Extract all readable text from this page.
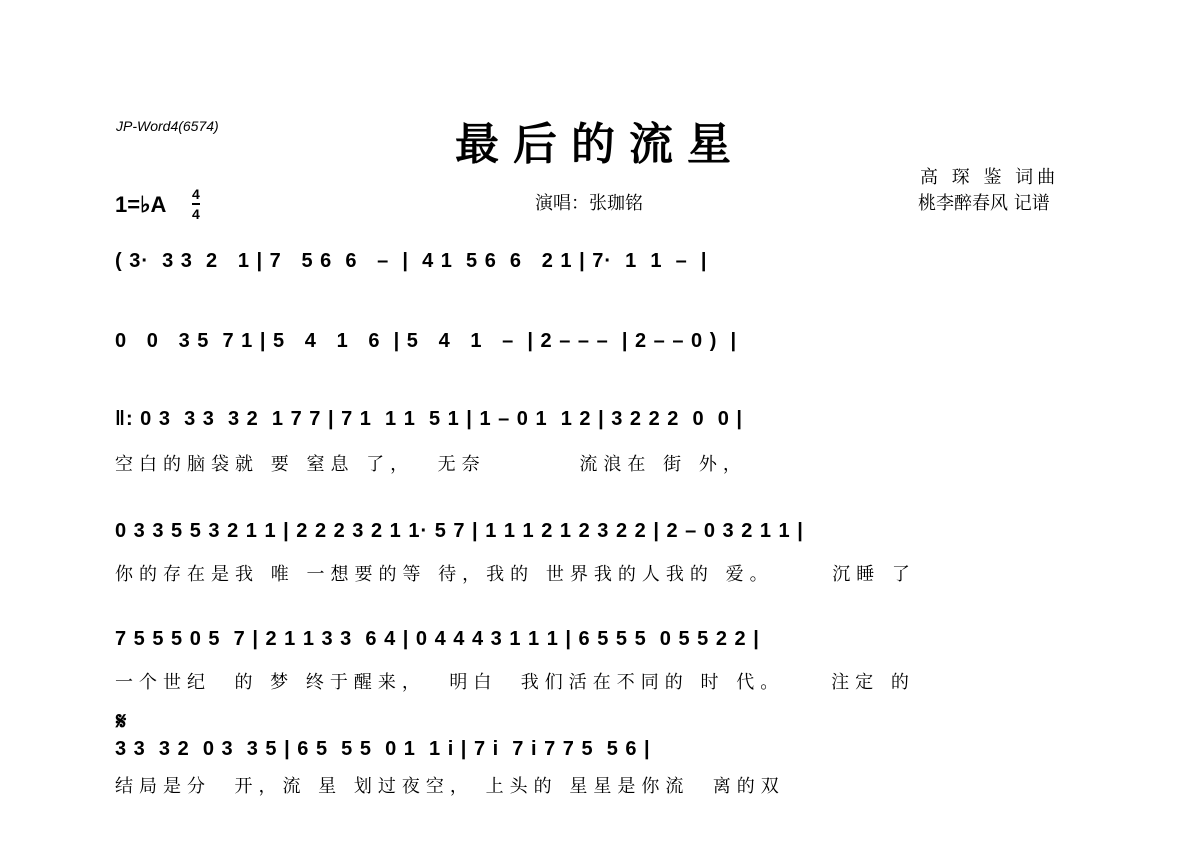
JP-Word4(6574)	最后的流星
高 琛 鉴 词曲
桃李醉春风 记谱
演唱：张珈铭
1=♭A 4
4
( 3·  3 3  2   1 | 7   5 6  6   –  |  4 1  5 6  6   2 1 | 7·  1  1  –  |
0   0   3 5  7 1 | 5   4   1   6  | 5   4   1   –  | 2 – – –  | 2 – – 0 )  |
‖: 0 3  3 3  3 2  1 7 7 | 7 1  1 1  5 1 | 1 – 0 1  1 2 | 3 2 2 2  0  0 |
空白的脑袋就 要 窒息 了，  无奈        流浪在 街 外，
0 3 3 5 5 3 2 1 1 | 2 2 2 3 2 1 1· 5 7 | 1 1 1 2 1 2 3 2 2 | 2 – 0 3 2 1 1 |
你的存在是我 唯 一想要的等 待，我的 世界我的人我的 爱。     沉睡 了
7 5 5 5 0 5  7 | 2 1 1 3 3  6 4 | 0 4 4 4 3 1 1 1 | 6 5 5 5  0 5 5 2 2 |
一个世纪  的 梦 终于醒来，  明白  我们活在不同的 时 代。    注定 的
𝄋
3 3  3 2  0 3  3 5 | 6 5  5 5  0 1  1 i | 7 i  7 i 7 7 5  5 6 |
结局是分  开，流 星 划过夜空， 上头的 星星是你流  离的双
